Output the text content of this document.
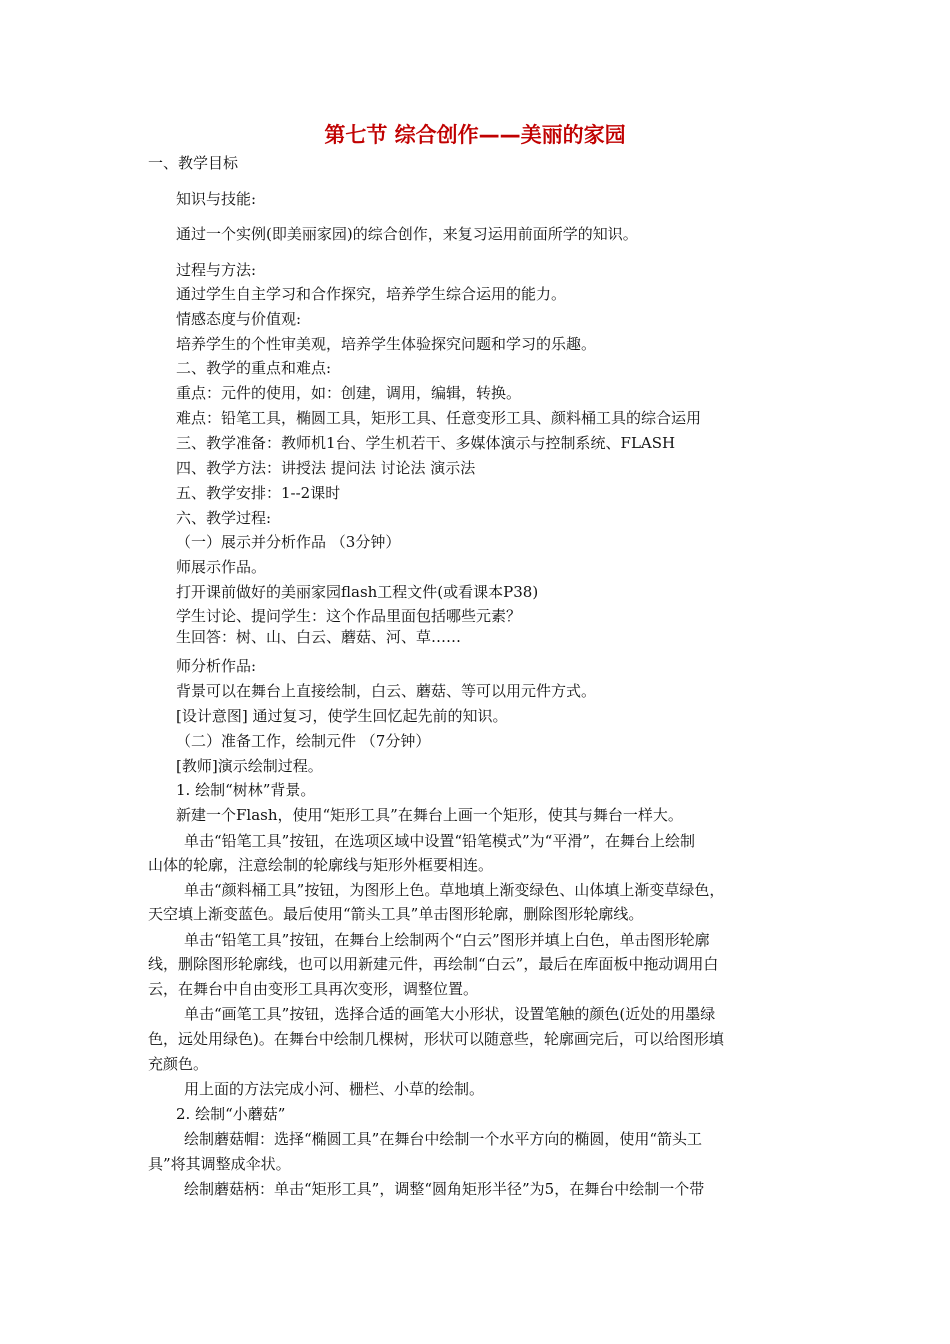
第七节 综合创作——美丽的家园
一、教学目标
知识与技能:
通过一个实例(即美丽家园)的综合创作，来复习运用前面所学的知识。
过程与方法:
通过学生自主学习和合作探究，培养学生综合运用的能力。
情感态度与价值观:
培养学生的个性审美观，培养学生体验探究问题和学习的乐趣。
二、教学的重点和难点:
重点：元件的使用，如：创建，调用，编辑，转换。
难点：铅笔工具，椭圆工具，矩形工具、任意变形工具、颜料桶工具的综合运用
三、教学准备：教师机1台、学生机若干、多媒体演示与控制系统、FLASH
四、教学方法：讲授法 提问法 讨论法 演示法
五、教学安排：1--2课时
六、教学过程:
（一）展示并分析作品 （3分钟）
师展示作品。
打开课前做好的美丽家园flash工程文件(或看课本P38)
学生讨论、提问学生：这个作品里面包括哪些元素？
生回答：树、山、白云、蘑菇、河、草……
师分析作品:
背景可以在舞台上直接绘制，白云、蘑菇、等可以用元件方式。
[设计意图] 通过复习，使学生回忆起先前的知识。
（二）准备工作，绘制元件 （7分钟）
[教师]演示绘制过程。
1. 绘制“树林”背景。
新建一个Flash，使用“矩形工具”在舞台上画一个矩形，使其与舞台一样大。
单击“铅笔工具”按钮，在选项区域中设置“铅笔模式”为“平滑”，在舞台上绘制
山体的轮廓，注意绘制的轮廓线与矩形外框要相连。
单击“颜料桶工具”按钮，为图形上色。草地填上渐变绿色、山体填上渐变草绿色，
天空填上渐变蓝色。最后使用“箭头工具”单击图形轮廓，删除图形轮廓线。
单击“铅笔工具”按钮，在舞台上绘制两个“白云”图形并填上白色，单击图形轮廓
线，删除图形轮廓线，也可以用新建元件，再绘制“白云”，最后在库面板中拖动调用白
云，在舞台中自由变形工具再次变形，调整位置。
单击“画笔工具”按钮，选择合适的画笔大小形状，设置笔触的颜色(近处的用墨绿
色，远处用绿色)。在舞台中绘制几棵树，形状可以随意些，轮廓画完后，可以给图形填
充颜色。
用上面的方法完成小河、栅栏、小草的绘制。
2. 绘制“小蘑菇”
绘制蘑菇帽：选择“椭圆工具”在舞台中绘制一个水平方向的椭圆，使用“箭头工
具”将其调整成伞状。
绘制蘑菇柄：单击“矩形工具”，调整“圆角矩形半径”为5，在舞台中绘制一个带
